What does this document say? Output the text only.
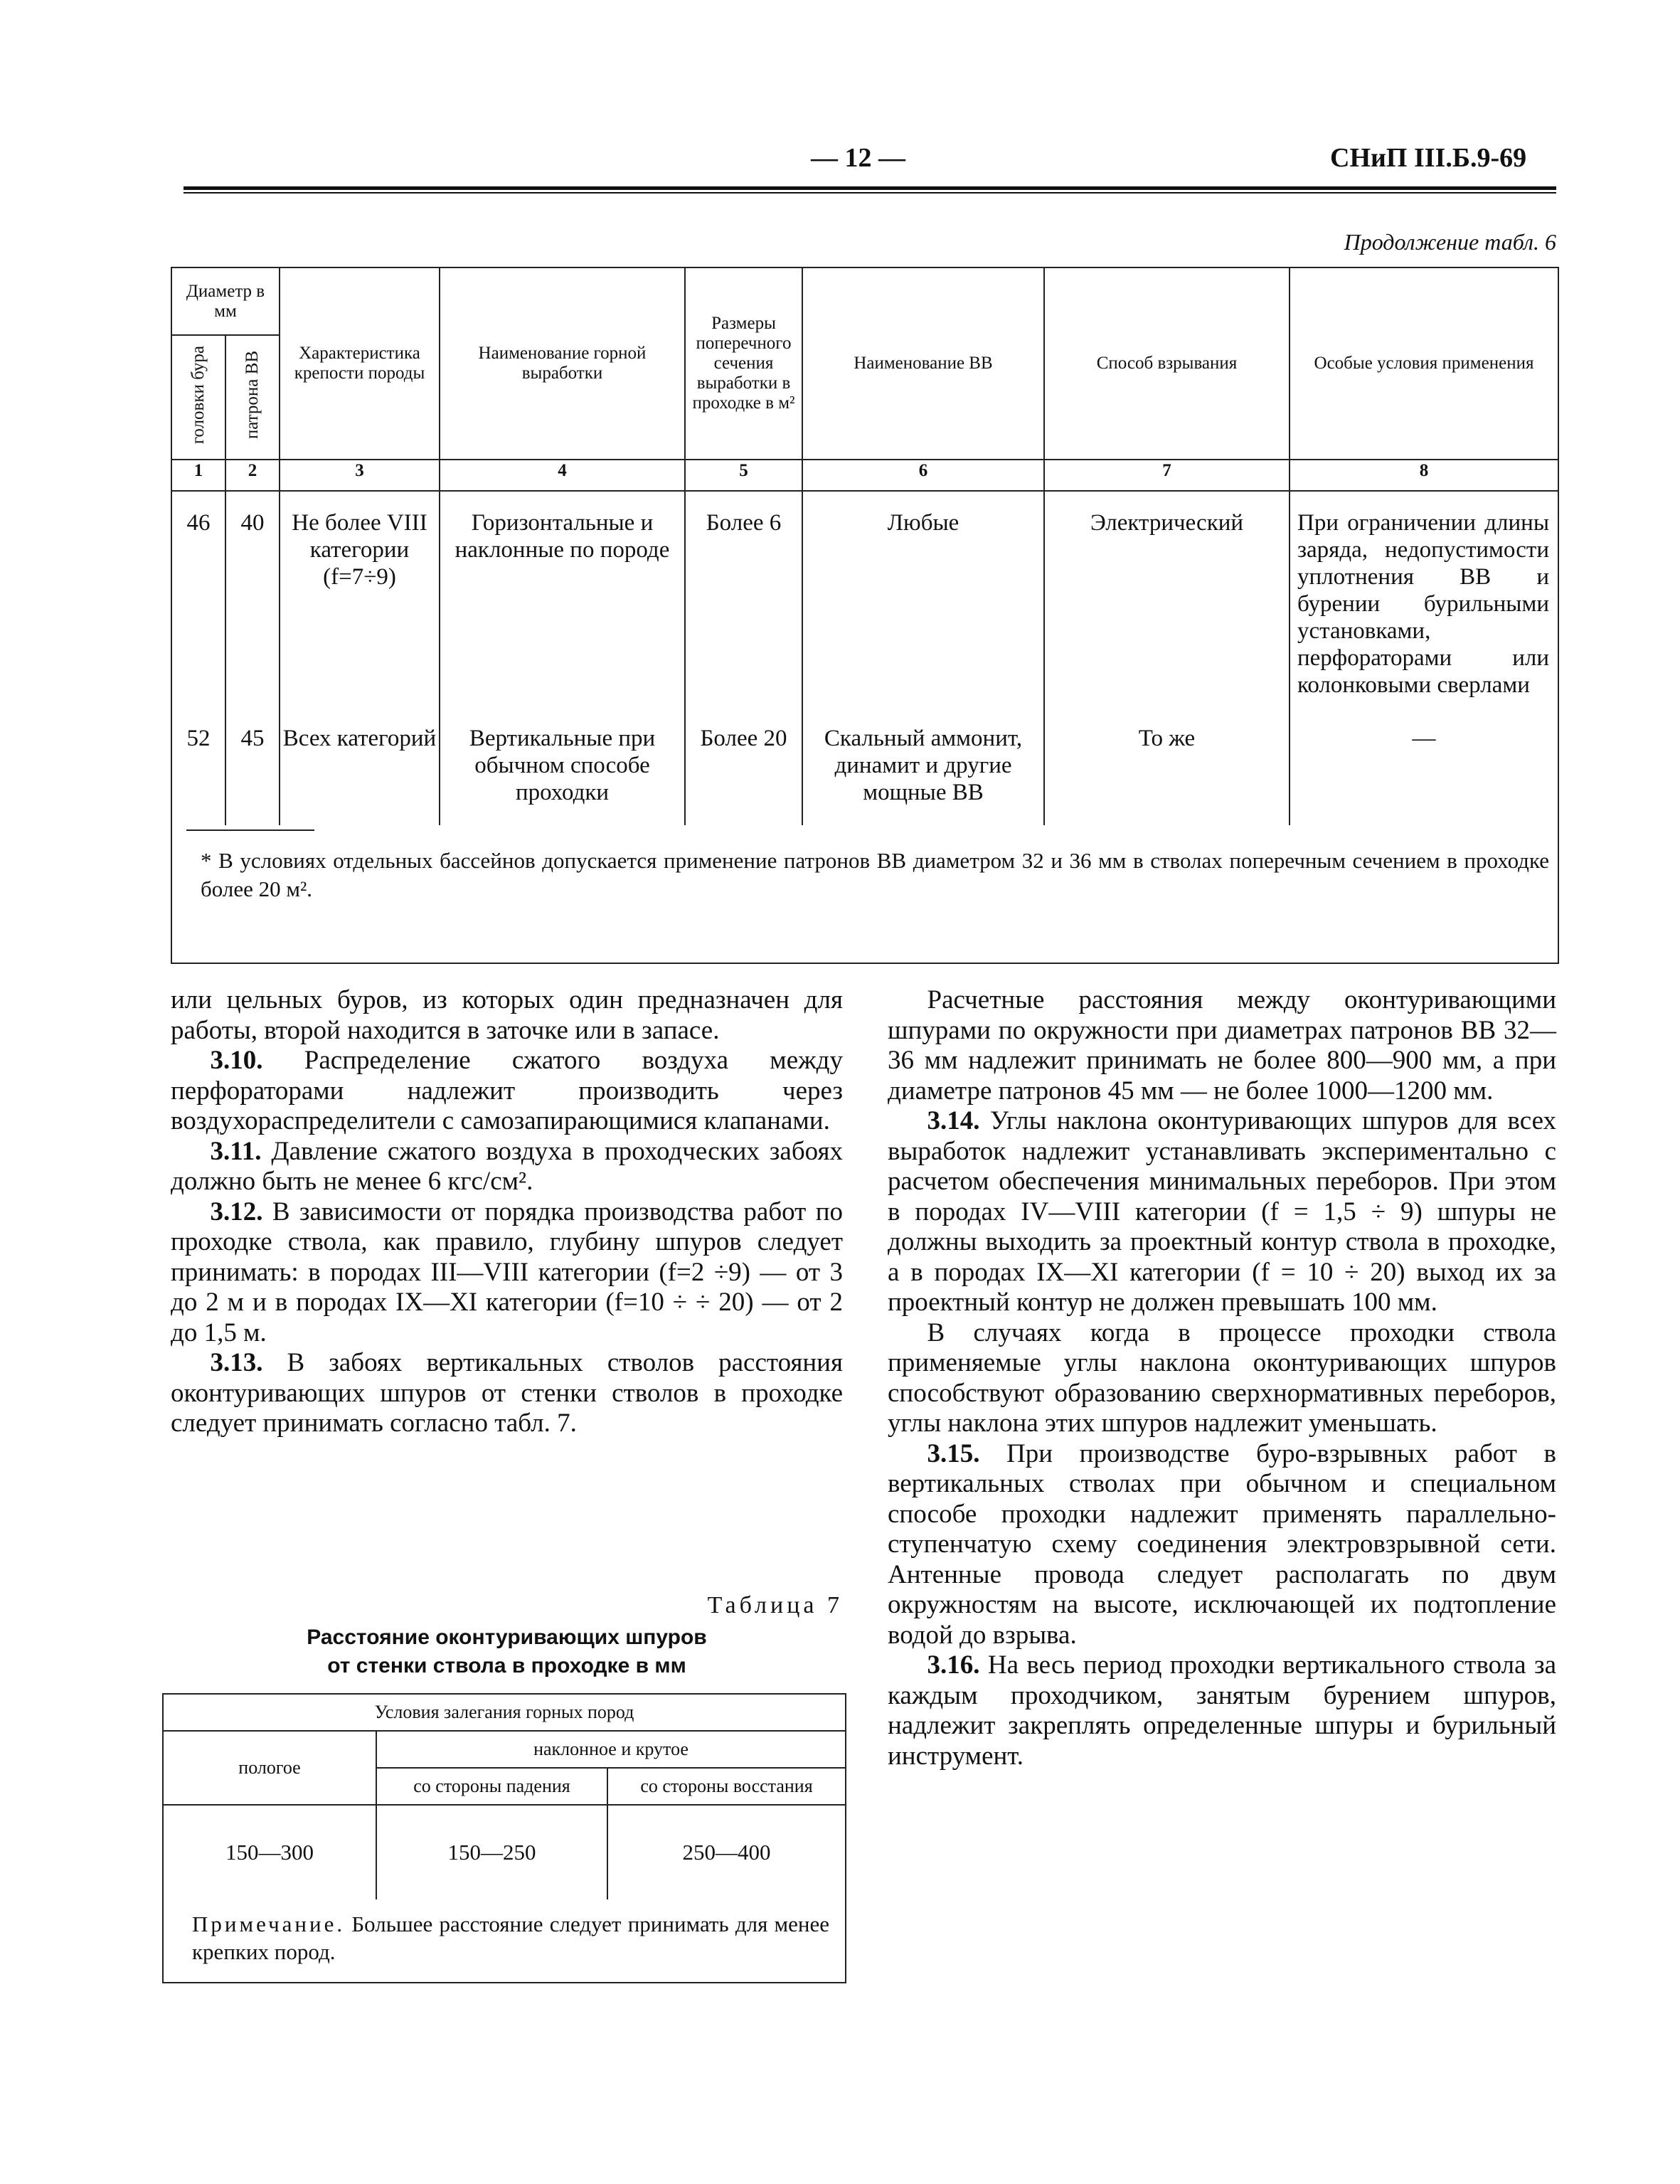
— 12 —	СНиП III.Б.9-69
Продолжение табл. 6
Диаметр в мм		Характеристика крепости породы	Наименование горной выработки	Размеры поперечного сечения выработки в проходке в м²	Наименование ВВ	Способ взрывания	Особые условия применения
головки бура	патрона ВВ						
1	2	3	4	5	6	7	8
46	40	Не более VIII категории (f=7÷9)	Горизонтальные и наклонные по породе	Более 6	Любые	Электрический	При ограничении длины заряда, недопустимости уплотнения ВВ и бурении бурильными установками, перфораторами или колонковыми сверлами
52	45	Всех категорий	Вертикальные при обычном способе проходки	Более 20	Скальный аммонит, динамит и другие мощные ВВ	То же	—

* В условиях отдельных бассейнов допускается применение патронов ВВ диаметром 32 и 36 мм в стволах поперечным сечением в проходке более 20 м².							

или цельных буров, из которых один предназначен для работы, второй находится в заточке или в запасе.

3.10. Распределение сжатого воздуха между перфораторами надлежит производить через воздухораспределители с самозапирающимися клапанами.

3.11. Давление сжатого воздуха в проходческих забоях должно быть не менее 6 кгс/см².

3.12. В зависимости от порядка производства работ по проходке ствола, как правило, глубину шпуров следует принимать: в породах III—VIII категории (f=2 ÷9) — от 3 до 2 м и в породах IX—XI категории (f=10 ÷ ÷ 20) — от 2 до 1,5 м.

3.13. В забоях вертикальных стволов расстояния оконтуривающих шпуров от стенки стволов в проходке следует принимать согласно табл. 7.

Таблица 7
Расстояние оконтуривающих шпуров
от стенки ствола в проходке в мм
Условия залегания горных пород		
пологое	наклонное и крутое	
	со стороны падения	со стороны восстания
150—300	150—250	250—400
Примечание. Большее расстояние следует принимать для менее крепких пород.		

Расчетные расстояния между оконтуривающими шпурами по окружности при диаметрах патронов ВВ 32—36 мм надлежит принимать не более 800—900 мм, а при диаметре патронов 45 мм — не более 1000—1200 мм.

3.14. Углы наклона оконтуривающих шпуров для всех выработок надлежит устанавливать экспериментально с расчетом обеспечения минимальных переборов. При этом в породах IV—VIII категории (f = 1,5 ÷ 9) шпуры не должны выходить за проектный контур ствола в проходке, а в породах IX—XI категории (f = 10 ÷ 20) выход их за проектный контур не должен превышать 100 мм.

В случаях когда в процессе проходки ствола применяемые углы наклона оконтуривающих шпуров способствуют образованию сверхнормативных переборов, углы наклона этих шпуров надлежит уменьшать.

3.15. При производстве буро-взрывных работ в вертикальных стволах при обычном и специальном способе проходки надлежит применять параллельно-ступенчатую схему соединения электровзрывной сети. Антенные провода следует располагать по двум окружностям на высоте, исключающей их подтопление водой до взрыва.

3.16. На весь период проходки вертикального ствола за каждым проходчиком, занятым бурением шпуров, надлежит закреплять определенные шпуры и бурильный инструмент.
